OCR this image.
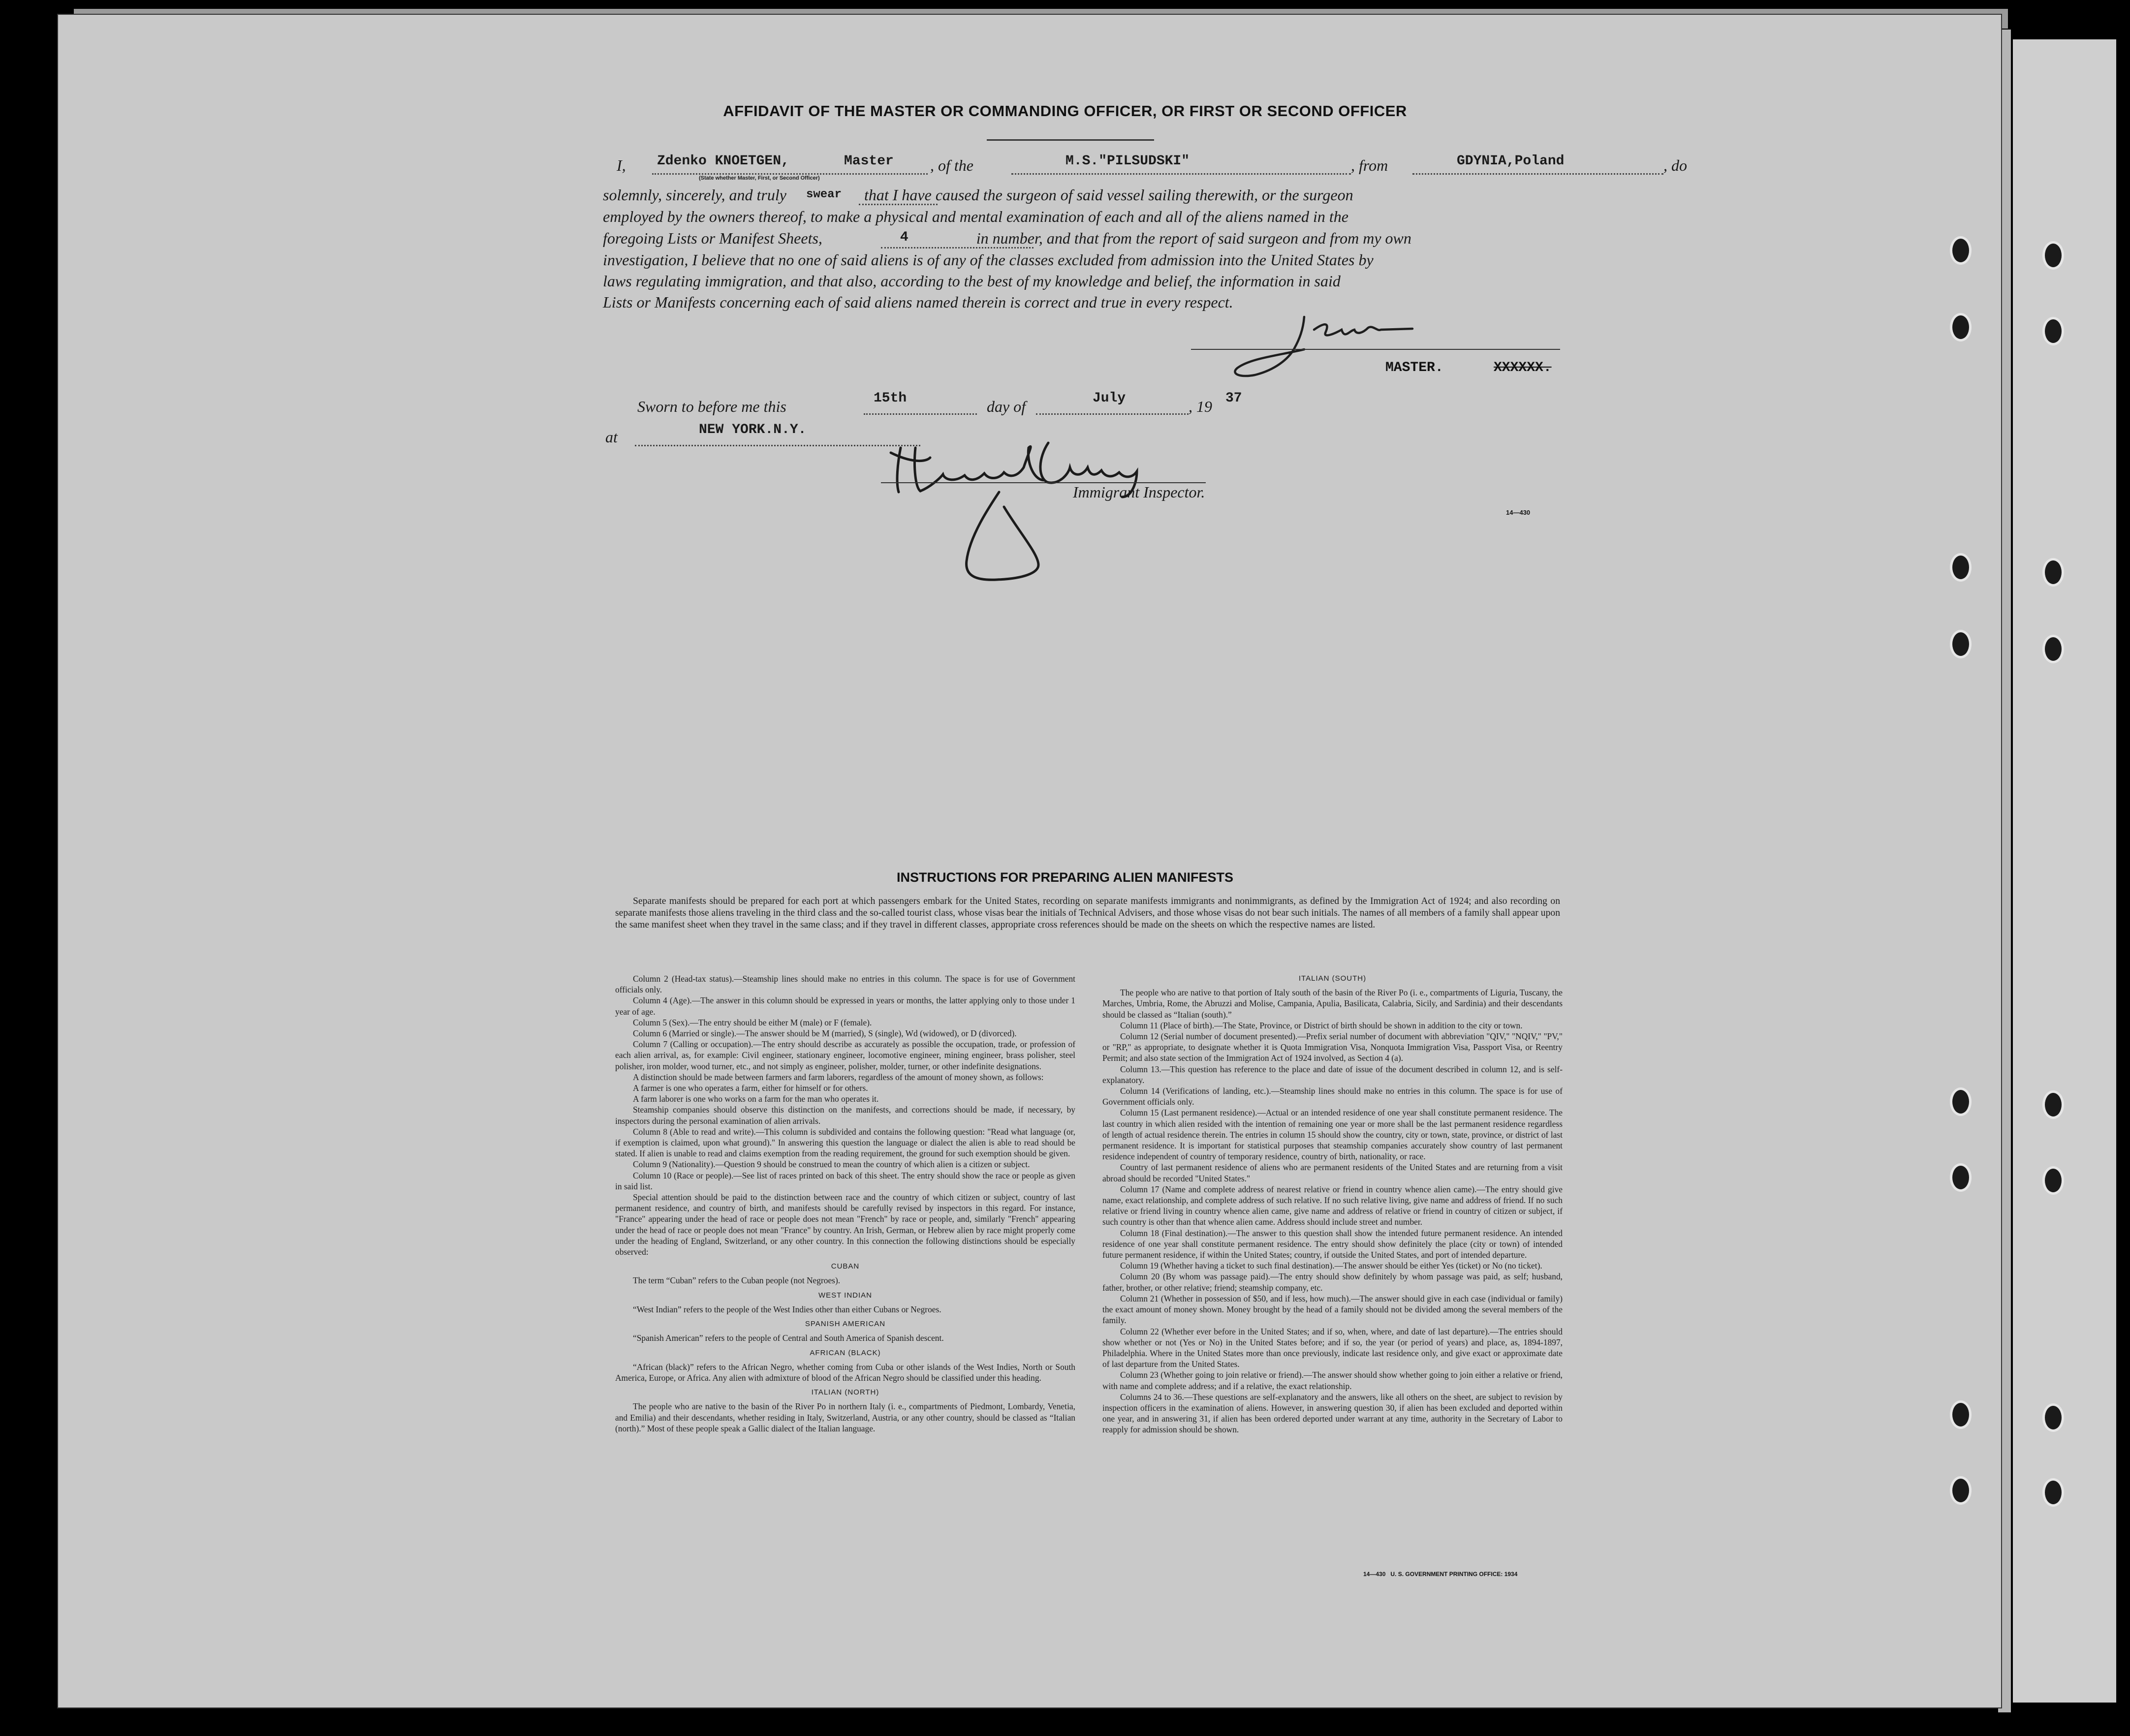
AFFIDAVIT OF THE MASTER OR COMMANDING OFFICER, OR FIRST OR SECOND OFFICER
I, Zdenko KNOETGEN,	Master
(State whether Master, First, or Second Officer)
, of the	M.S."PILSUDSKI"	, from	GDYNIA,Poland	, do
solemnly, sincerely, and truly swear that I have caused the surgeon of said vessel sailing therewith, or the surgeon
employed by the owners thereof, to make a physical and mental examination of each and all of the aliens named in the
foregoing Lists or Manifest Sheets,	4	in number, and that from the report of said surgeon and from my own
investigation, I believe that no one of said aliens is of any of the classes excluded from admission into the United States by
laws regulating immigration, and that also, according to the best of my knowledge and belief, the information in said
Lists or Manifests concerning each of said aliens named therein is correct and true in every respect.
MASTER.	XXXXXX.
Sworn to before me this	15th	day of	July	, 19 37
at	NEW YORK.N.Y.
Immigrant Inspector.
14—430
INSTRUCTIONS FOR PREPARING ALIEN MANIFESTS

Separate manifests should be prepared for each port at which passengers embark for the United States, recording on separate manifests immigrants and nonimmigrants, as defined by the Immigration Act of 1924; and also recording on separate manifests those aliens traveling in the third class and the so-called tourist class, whose visas bear the initials of Technical Advisers, and those whose visas do not bear such initials. The names of all members of a family shall appear upon the same manifest sheet when they travel in the same class; and if they travel in different classes, appropriate cross references should be made on the sheets on which the respective names are listed.

Column 2 (Head-tax status).—Steamship lines should make no entries in this column. The space is for use of Government officials only.

Column 4 (Age).—The answer in this column should be expressed in years or months, the latter applying only to those under 1 year of age.

Column 5 (Sex).—The entry should be either M (male) or F (female).

Column 6 (Married or single).—The answer should be M (married), S (single), Wd (widowed), or D (divorced).

Column 7 (Calling or occupation).—The entry should describe as accurately as possible the occupation, trade, or profession of each alien arrival, as, for example: Civil engineer, stationary engineer, locomotive engineer, mining engineer, brass polisher, steel polisher, iron molder, wood turner, etc., and not simply as engineer, polisher, molder, turner, or other indefinite designations.

A distinction should be made between farmers and farm laborers, regardless of the amount of money shown, as follows:

A farmer is one who operates a farm, either for himself or for others.

A farm laborer is one who works on a farm for the man who operates it.

Steamship companies should observe this distinction on the manifests, and corrections should be made, if necessary, by inspectors during the personal examination of alien arrivals.

Column 8 (Able to read and write).—This column is subdivided and contains the following question: "Read what language (or, if exemption is claimed, upon what ground)." In answering this question the language or dialect the alien is able to read should be stated. If alien is unable to read and claims exemption from the reading requirement, the ground for such exemption should be given.

Column 9 (Nationality).—Question 9 should be construed to mean the country of which alien is a citizen or subject.

Column 10 (Race or people).—See list of races printed on back of this sheet. The entry should show the race or people as given in said list.

Special attention should be paid to the distinction between race and the country of which citizen or subject, country of last permanent residence, and country of birth, and manifests should be carefully revised by inspectors in this regard. For instance, "France" appearing under the head of race or people does not mean "French" by race or people, and, similarly "French" appearing under the head of race or people does not mean "France" by country. An Irish, German, or Hebrew alien by race might properly come under the heading of England, Switzerland, or any other country. In this connection the following distinctions should be especially observed:

CUBAN

The term “Cuban” refers to the Cuban people (not Negroes).

WEST INDIAN

“West Indian” refers to the people of the West Indies other than either Cubans or Negroes.

SPANISH AMERICAN

“Spanish American” refers to the people of Central and South America of Spanish descent.

AFRICAN (BLACK)

“African (black)” refers to the African Negro, whether coming from Cuba or other islands of the West Indies, North or South America, Europe, or Africa. Any alien with admixture of blood of the African Negro should be classified under this heading.

ITALIAN (NORTH)

The people who are native to the basin of the River Po in northern Italy (i. e., compartments of Piedmont, Lombardy, Venetia, and Emilia) and their descendants, whether residing in Italy, Switzerland, Austria, or any other country, should be classed as “Italian (north).” Most of these people speak a Gallic dialect of the Italian language.

ITALIAN (SOUTH)

The people who are native to that portion of Italy south of the basin of the River Po (i. e., compartments of Liguria, Tuscany, the Marches, Umbria, Rome, the Abruzzi and Molise, Campania, Apulia, Basilicata, Calabria, Sicily, and Sardinia) and their descendants should be classed as “Italian (south).”

Column 11 (Place of birth).—The State, Province, or District of birth should be shown in addition to the city or town.

Column 12 (Serial number of document presented).—Prefix serial number of document with abbreviation "QIV," "NQIV," "PV," or "RP," as appropriate, to designate whether it is Quota Immigration Visa, Nonquota Immigration Visa, Passport Visa, or Reentry Permit; and also state section of the Immigration Act of 1924 involved, as Section 4 (a).

Column 13.—This question has reference to the place and date of issue of the document described in column 12, and is self-explanatory.

Column 14 (Verifications of landing, etc.).—Steamship lines should make no entries in this column. The space is for use of Government officials only.

Column 15 (Last permanent residence).—Actual or an intended residence of one year shall constitute permanent residence. The last country in which alien resided with the intention of remaining one year or more shall be the last permanent residence regardless of length of actual residence therein. The entries in column 15 should show the country, city or town, state, province, or district of last permanent residence. It is important for statistical purposes that steamship companies accurately show country of last permanent residence independent of country of temporary residence, country of birth, nationality, or race.

Country of last permanent residence of aliens who are permanent residents of the United States and are returning from a visit abroad should be recorded "United States."

Column 17 (Name and complete address of nearest relative or friend in country whence alien came).—The entry should give name, exact relationship, and complete address of such relative. If no such relative living, give name and address of friend. If no such relative or friend living in country whence alien came, give name and address of relative or friend in country of citizen or subject, if such country is other than that whence alien came. Address should include street and number.

Column 18 (Final destination).—The answer to this question shall show the intended future permanent residence. An intended residence of one year shall constitute permanent residence. The entry should show definitely the place (city or town) of intended future permanent residence, if within the United States; country, if outside the United States, and port of intended departure.

Column 19 (Whether having a ticket to such final destination).—The answer should be either Yes (ticket) or No (no ticket).

Column 20 (By whom was passage paid).—The entry should show definitely by whom passage was paid, as self; husband, father, brother, or other relative; friend; steamship company, etc.

Column 21 (Whether in possession of $50, and if less, how much).—The answer should give in each case (individual or family) the exact amount of money shown. Money brought by the head of a family should not be divided among the several members of the family.

Column 22 (Whether ever before in the United States; and if so, when, where, and date of last departure).—The entries should show whether or not (Yes or No) in the United States before; and if so, the year (or period of years) and place, as, 1894-1897, Philadelphia. Where in the United States more than once previously, indicate last residence only, and give exact or approximate date of last departure from the United States.

Column 23 (Whether going to join relative or friend).—The answer should show whether going to join either a relative or friend, with name and complete address; and if a relative, the exact relationship.

Columns 24 to 36.—These questions are self-explanatory and the answers, like all others on the sheet, are subject to revision by inspection officers in the examination of aliens. However, in answering question 30, if alien has been excluded and deported within one year, and in answering 31, if alien has been ordered deported under warrant at any time, authority in the Secretary of Labor to reapply for admission should be shown.

14—430   U. S. GOVERNMENT PRINTING OFFICE: 1934
